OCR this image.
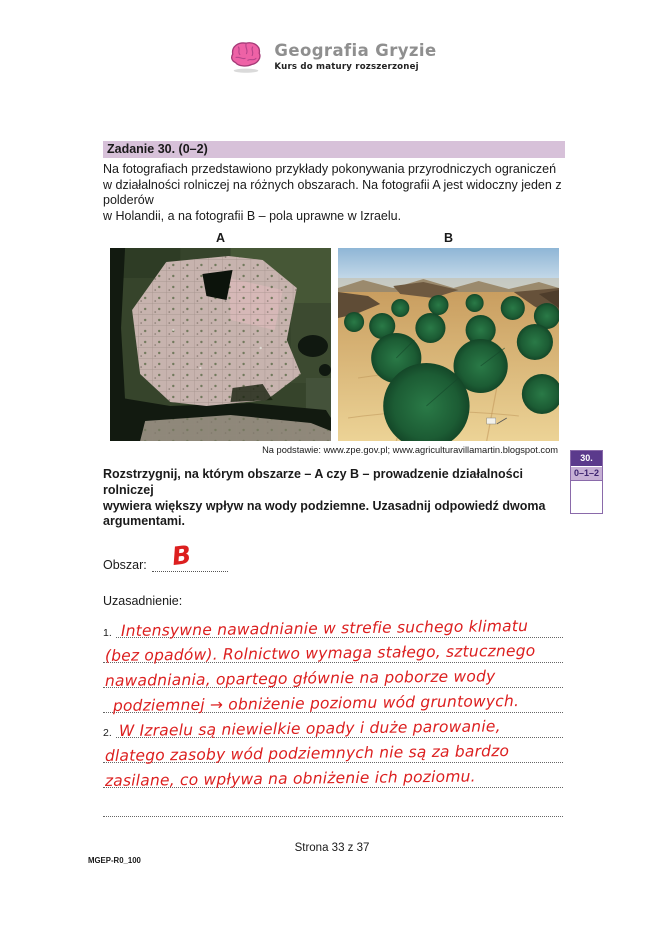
Geografia Gryzie
Kurs do matury rozszerzonej
Zadanie 30. (0–2)
Na fotografiach przedstawiono przykłady pokonywania przyrodniczych ograniczeń
w działalności rolniczej na różnych obszarach. Na fotografii A jest widoczny jeden z polderów
w Holandii, a na fotografii B – pola uprawne w Izraelu.
A	B
Na podstawie: www.zpe.gov.pl; www.agriculturavillamartin.blogspot.com
Rozstrzygnij, na którym obszarze – A czy B – prowadzenie działalności rolniczej
wywiera większy wpływ na wody podziemne. Uzasadnij odpowiedź dwoma
argumentami.
Obszar: B
Uzasadnienie:
1. Intensywne nawadnianie w strefie suchego klimatu
(bez opadów). Rolnictwo wymaga stałego, sztucznego
nawadniania, opartego głównie na poborze wody
podziemnej → obniżenie poziomu wód gruntowych.
2. W Izraelu są niewielkie opady i duże parowanie,
dlatego zasoby wód podziemnych nie są za bardzo
zasilane, co wpływa na obniżenie ich poziomu.
30.
0–1–2
Strona 33 z 37
MGEP-R0_100
